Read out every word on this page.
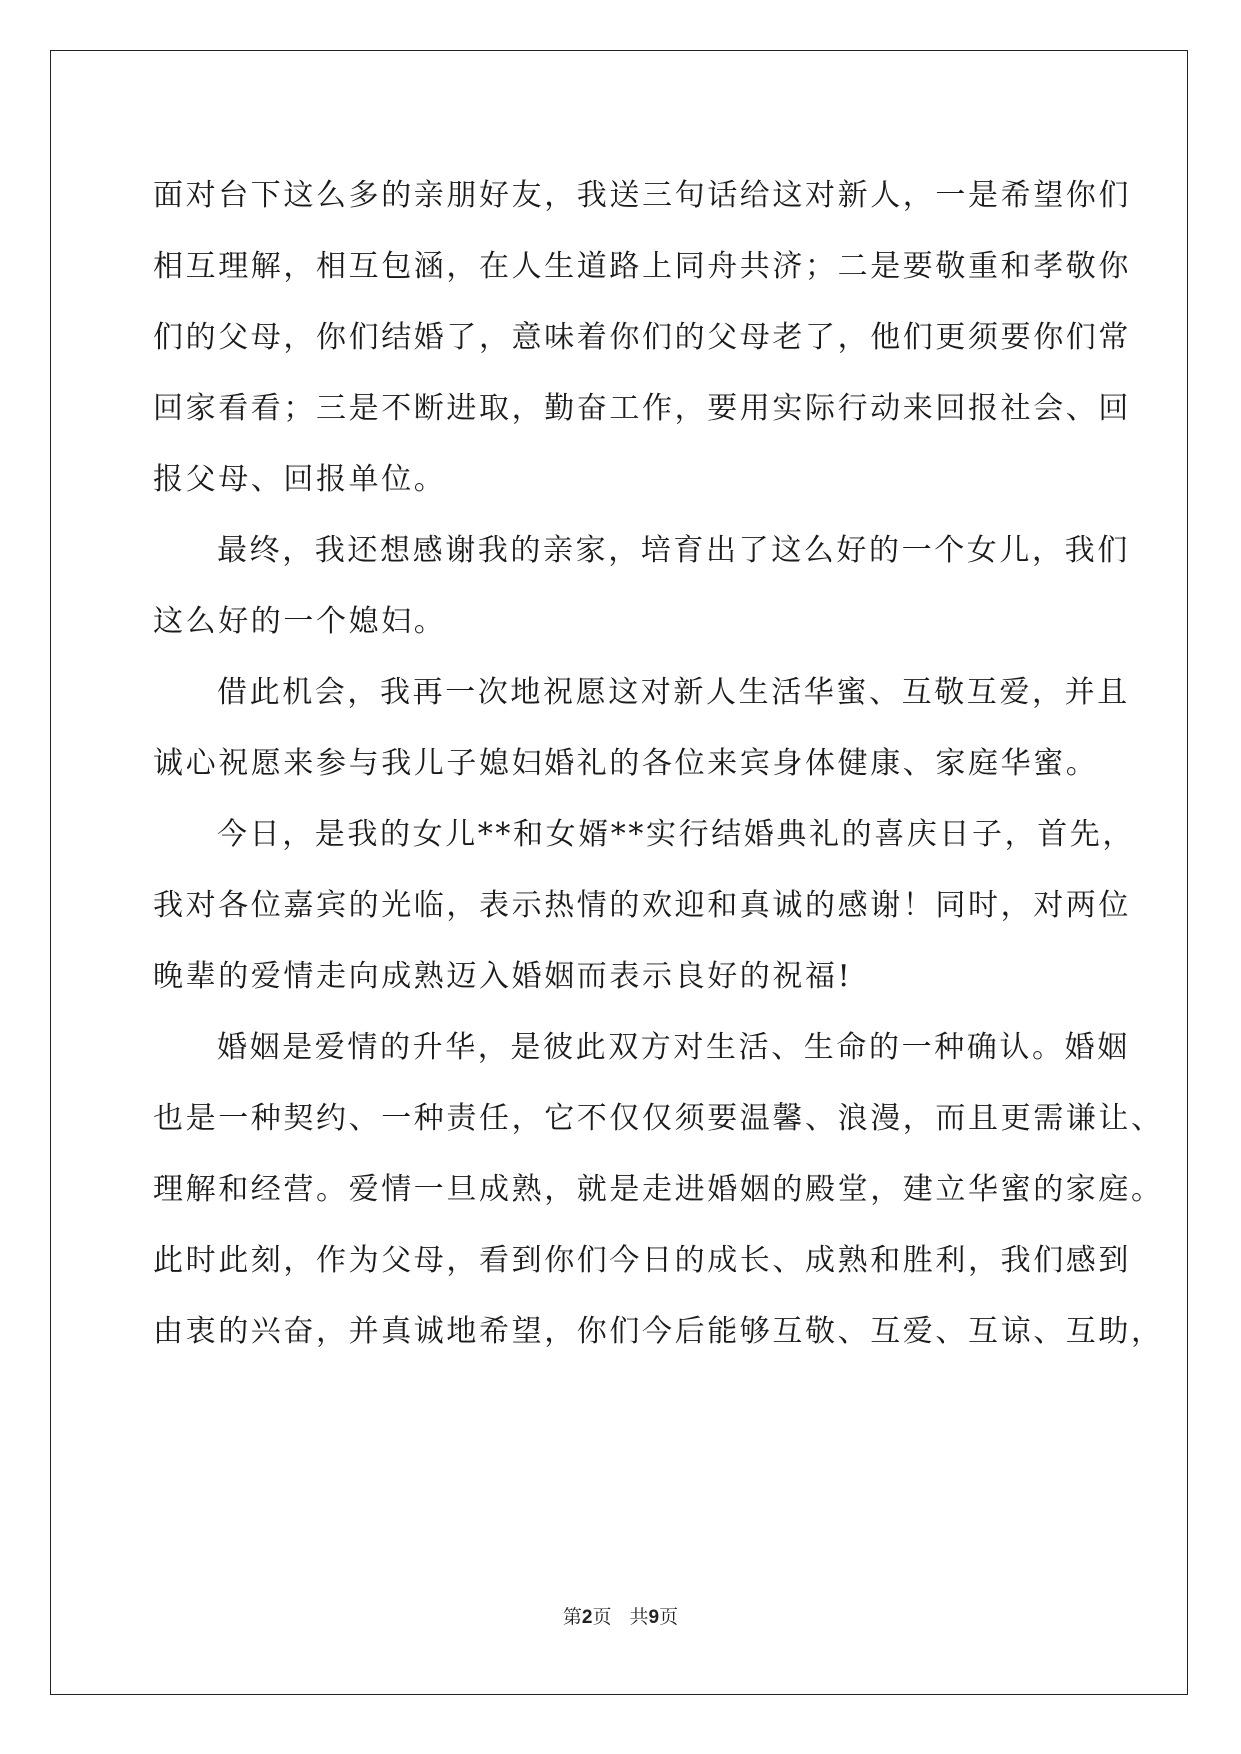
面对台下这么多的亲朋好友，我送三句话给这对新人，一是希望你们
相互理解，相互包涵，在人生道路上同舟共济；二是要敬重和孝敬你
们的父母，你们结婚了，意味着你们的父母老了，他们更须要你们常
回家看看；三是不断进取，勤奋工作，要用实际行动来回报社会、回
报父母、回报单位。
最终，我还想感谢我的亲家，培育出了这么好的一个女儿，我们
这么好的一个媳妇。
借此机会，我再一次地祝愿这对新人生活华蜜、互敬互爱，并且
诚心祝愿来参与我儿子媳妇婚礼的各位来宾身体健康、家庭华蜜。
今日，是我的女儿**和女婿**实行结婚典礼的喜庆日子，首先，
我对各位嘉宾的光临，表示热情的欢迎和真诚的感谢！同时，对两位
晚辈的爱情走向成熟迈入婚姻而表示良好的祝福!
婚姻是爱情的升华，是彼此双方对生活、生命的一种确认。婚姻
也是一种契约、一种责任，它不仅仅须要温馨、浪漫，而且更需谦让、
理解和经营。爱情一旦成熟，就是走进婚姻的殿堂，建立华蜜的家庭。
此时此刻，作为父母，看到你们今日的成长、成熟和胜利，我们感到
由衷的兴奋，并真诚地希望，你们今后能够互敬、互爱、互谅、互助，
第2页 共9页
